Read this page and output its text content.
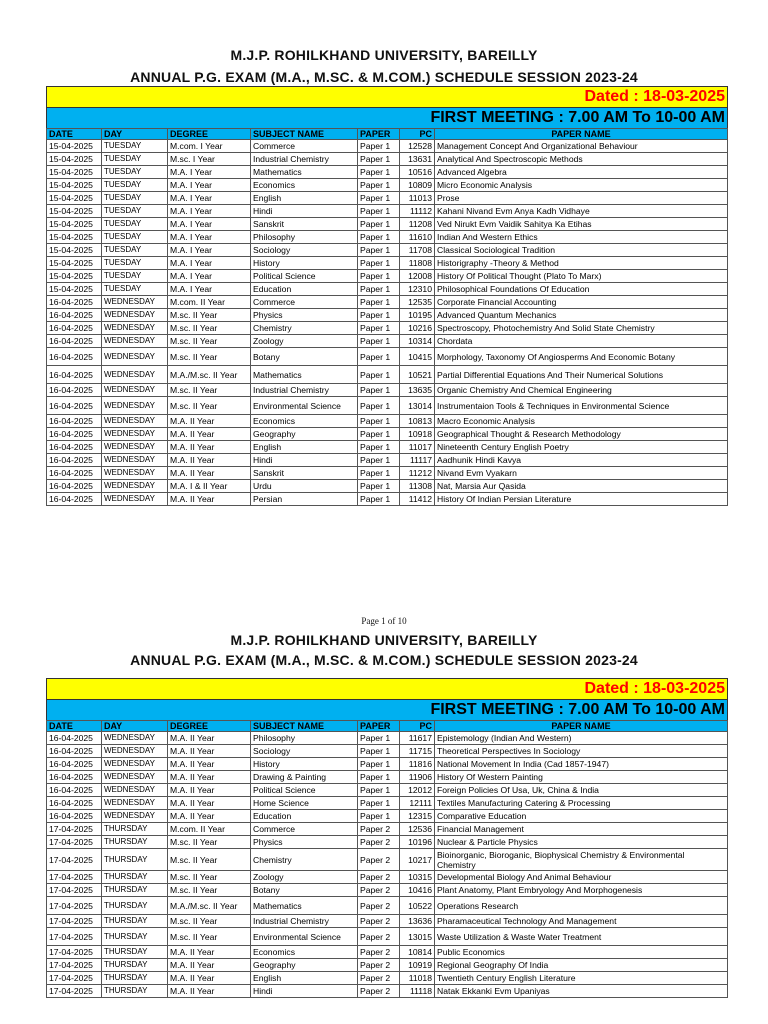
M.J.P. ROHILKHAND UNIVERSITY, BAREILLY
ANNUAL P.G. EXAM (M.A., M.SC. & M.COM.) SCHEDULE SESSION 2023-24
Dated : 18-03-2025
FIRST MEETING : 7.00 AM To 10-00 AM
DATE	DAY	DEGREE	SUBJECT NAME	PAPER	PC	PAPER NAME
15-04-2025	TUESDAY	M.com. I Year	Commerce	Paper 1	12528	Management Concept And Organizational Behaviour
15-04-2025	TUESDAY	M.sc. I Year	Industrial Chemistry	Paper 1	13631	Analytical And Spectroscopic Methods
15-04-2025	TUESDAY	M.A. I Year	Mathematics	Paper 1	10516	Advanced Algebra
15-04-2025	TUESDAY	M.A. I Year	Economics	Paper 1	10809	Micro Economic Analysis
15-04-2025	TUESDAY	M.A. I Year	English	Paper 1	11013	Prose
15-04-2025	TUESDAY	M.A. I Year	Hindi	Paper 1	11112	Kahani Nivand Evm Anya Kadh Vidhaye
15-04-2025	TUESDAY	M.A. I Year	Sanskrit	Paper 1	11208	Ved Nirukt Evm Vaidik Sahitya Ka Etihas
15-04-2025	TUESDAY	M.A. I Year	Philosophy	Paper 1	11610	Indian And Western Ethics
15-04-2025	TUESDAY	M.A. I Year	Sociology	Paper 1	11708	Classical Sociological Tradition
15-04-2025	TUESDAY	M.A. I Year	History	Paper 1	11808	Historigraphy -Theory & Method
15-04-2025	TUESDAY	M.A. I Year	Political Science	Paper 1	12008	History Of Political Thought (Plato To Marx)
15-04-2025	TUESDAY	M.A. I Year	Education	Paper 1	12310	Philosophical Foundations Of Education
16-04-2025	WEDNESDAY	M.com. II Year	Commerce	Paper 1	12535	Corporate Financial Accounting
16-04-2025	WEDNESDAY	M.sc. II Year	Physics	Paper 1	10195	Advanced Quantum Mechanics
16-04-2025	WEDNESDAY	M.sc. II Year	Chemistry	Paper 1	10216	Spectroscopy, Photochemistry And Solid State Chemistry
16-04-2025	WEDNESDAY	M.sc. II Year	Zoology	Paper 1	10314	Chordata
16-04-2025	WEDNESDAY	M.sc. II Year	Botany	Paper 1	10415	Morphology, Taxonomy Of Angiosperms And Economic Botany
16-04-2025	WEDNESDAY	M.A./M.sc. II Year	Mathematics	Paper 1	10521	Partial Differential Equations And Their Numerical Solutions
16-04-2025	WEDNESDAY	M.sc. II Year	Industrial Chemistry	Paper 1	13635	Organic Chemistry And Chemical Engineering
16-04-2025	WEDNESDAY	M.sc. II Year	Environmental Science	Paper 1	13014	Instrumentaion Tools & Techniques in Environmental Science
16-04-2025	WEDNESDAY	M.A. II Year	Economics	Paper 1	10813	Macro Economic Analysis
16-04-2025	WEDNESDAY	M.A. II Year	Geography	Paper 1	10918	Geographical Thought & Research Methodology
16-04-2025	WEDNESDAY	M.A. II Year	English	Paper 1	11017	Nineteenth Century English Poetry
16-04-2025	WEDNESDAY	M.A. II Year	Hindi	Paper 1	11117	Aadhunik Hindi Kavya
16-04-2025	WEDNESDAY	M.A. II Year	Sanskrit	Paper 1	11212	Nivand Evm Vyakarn
16-04-2025	WEDNESDAY	M.A. I & II Year	Urdu	Paper 1	11308	Nat, Marsia Aur Qasida
16-04-2025	WEDNESDAY	M.A. II Year	Persian	Paper 1	11412	History Of Indian Persian Literature
Page 1 of 10
M.J.P. ROHILKHAND UNIVERSITY, BAREILLY
ANNUAL P.G. EXAM (M.A., M.SC. & M.COM.) SCHEDULE SESSION 2023-24
Dated : 18-03-2025
FIRST MEETING : 7.00 AM To 10-00 AM
DATE	DAY	DEGREE	SUBJECT NAME	PAPER	PC	PAPER NAME
16-04-2025	WEDNESDAY	M.A. II Year	Philosophy	Paper 1	11617	Epistemology (Indian And Western)
16-04-2025	WEDNESDAY	M.A. II Year	Sociology	Paper 1	11715	Theoretical Perspectives In Sociology
16-04-2025	WEDNESDAY	M.A. II Year	History	Paper 1	11816	National Movement In India (Cad 1857-1947)
16-04-2025	WEDNESDAY	M.A. II Year	Drawing & Painting	Paper 1	11906	History Of Western Painting
16-04-2025	WEDNESDAY	M.A. II Year	Political Science	Paper 1	12012	Foreign Policies Of Usa, Uk, China & India
16-04-2025	WEDNESDAY	M.A. II Year	Home Science	Paper 1	12111	Textiles Manufacturing Catering & Processing
16-04-2025	WEDNESDAY	M.A. II Year	Education	Paper 1	12315	Comparative Education
17-04-2025	THURSDAY	M.com. II Year	Commerce	Paper 2	12536	Financial Management
17-04-2025	THURSDAY	M.sc. II Year	Physics	Paper 2	10196	Nuclear & Particle Physics
17-04-2025	THURSDAY	M.sc. II Year	Chemistry	Paper 2	10217	Bioinorganic, Bioroganic, Biophysical Chemistry & Environmental Chemistry
17-04-2025	THURSDAY	M.sc. II Year	Zoology	Paper 2	10315	Developmental Biology And Animal Behaviour
17-04-2025	THURSDAY	M.sc. II Year	Botany	Paper 2	10416	Plant Anatomy, Plant Embryology And Morphogenesis
17-04-2025	THURSDAY	M.A./M.sc. II Year	Mathematics	Paper 2	10522	Operations Research
17-04-2025	THURSDAY	M.sc. II Year	Industrial Chemistry	Paper 2	13636	Pharamaceutical Technology And Management
17-04-2025	THURSDAY	M.sc. II Year	Environmental Science	Paper 2	13015	Waste Utilization & Waste Water Treatment
17-04-2025	THURSDAY	M.A. II Year	Economics	Paper 2	10814	Public Economics
17-04-2025	THURSDAY	M.A. II Year	Geography	Paper 2	10919	Regional Geography Of India
17-04-2025	THURSDAY	M.A. II Year	English	Paper 2	11018	Twentieth Century English Literature
17-04-2025	THURSDAY	M.A. II Year	Hindi	Paper 2	11118	Natak Ekkanki Evm Upaniyas
